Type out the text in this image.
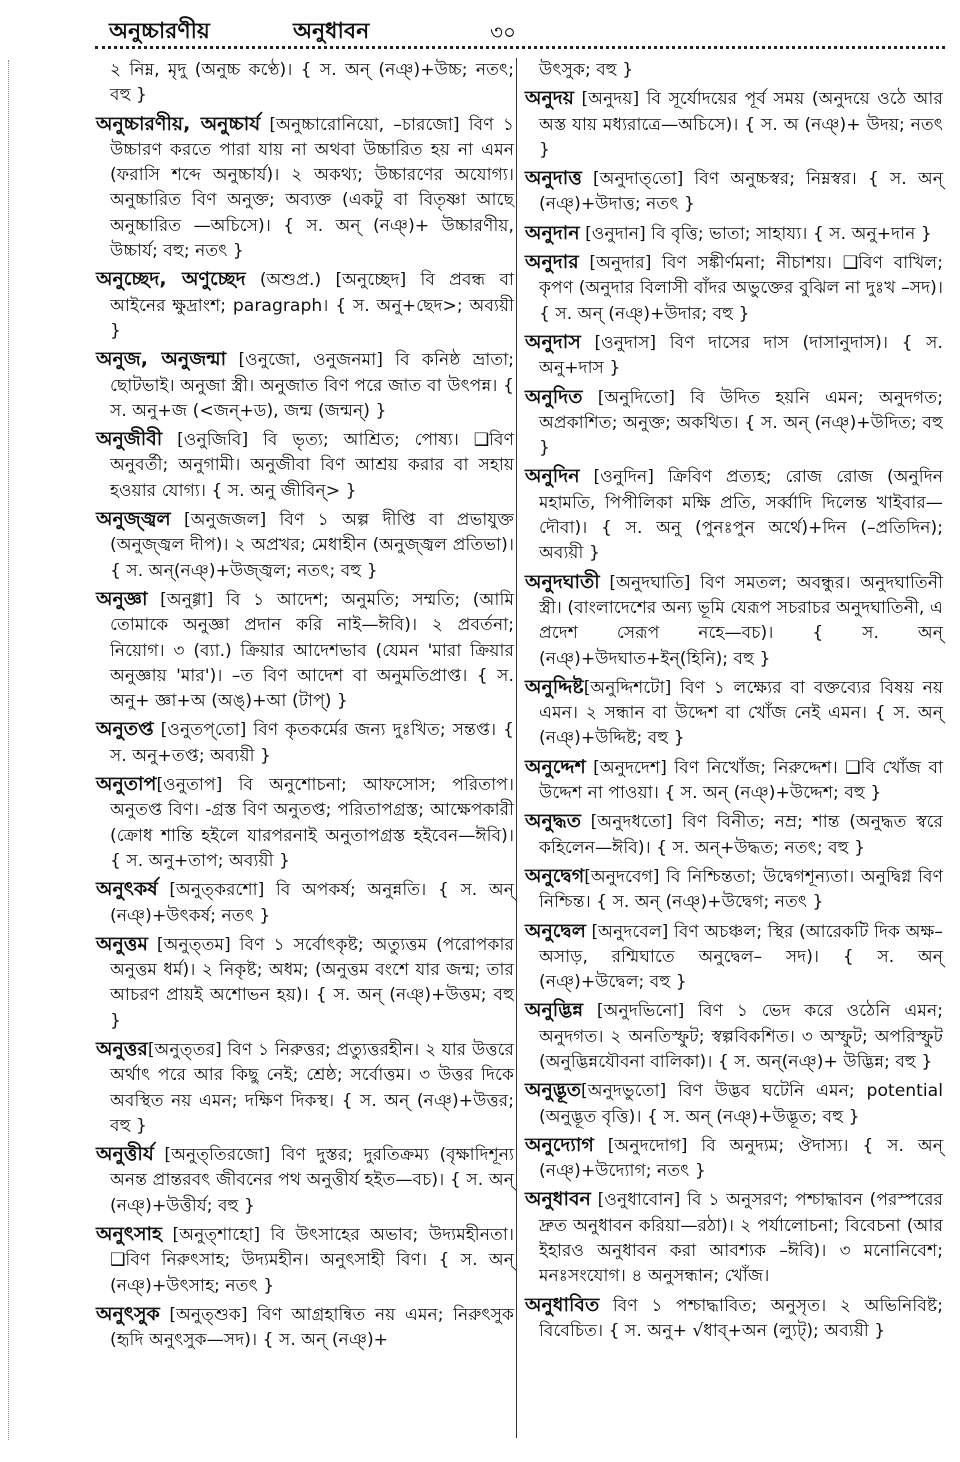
অনুচ্চারণীয়	অনুধাবন	৩০
২ নিম্ন, মৃদু (অনুচ্চ কণ্ঠে)। { স. অন্ (নঞ্)+উচ্চ; নতৎ; বহু }
অনুচ্চারণীয়, অনুচ্চার্য [অনুচ্চারোনিয়ো, –চারজো] বিণ ১ উচ্চারণ করতে পারা যায় না অথবা উচ্চারিত হয় না এমন (ফরাসি শব্দে অনুচ্চার্য)। ২ অকথ্য; উচ্চারণের অযোগ্য। অনুচ্চারিত বিণ অনুক্ত; অব্যক্ত (একটু বা বিতৃষ্ণা আছে অনুচ্চারিত —অচিসে)। { স. অন্ (নঞ্)+ উচ্চারণীয়, উচ্চার্য; বহু; নতৎ }
অনুচ্ছেদ, অণুচ্ছেদ (অশুপ্র.) [অনুচ্ছেদ] বি প্রবন্ধ বা আইনের ক্ষুদ্রাংশ; paragraph। { স. অনু+ছেদ>; অব্যয়ী }
অনুজ, অনুজন্মা [ওনুজো, ওনুজনমা] বি কনিষ্ঠ ভ্রাতা; ছোটভাই। অনুজা স্ত্রী। অনুজাত বিণ পরে জাত বা উৎপন্ন। { স. অনু+জ (<জন্+ড), জন্ম (জন্মন্) }
অনুজীবী [ওনুজিবি] বি ভৃত্য; আশ্রিত; পোষ্য। ❑বিণ অনুবর্তী; অনুগামী। অনুজীবা বিণ আশ্রয় করার বা সহায় হওয়ার যোগ্য। { স. অনু জীবিন্> }
অনুজ্জ্বল [অনুজজল] বিণ ১ অল্প দীপ্তি বা প্রভাযুক্ত (অনুজ্জ্বল দীপ)। ২ অপ্রখর; মেধাহীন (অনুজ্জ্বল প্রতিভা)। { স. অন্(নঞ্)+উজ্জ্বল; নতৎ; বহু }
অনুজ্ঞা [অনুগ্গা] বি ১ আদেশ; অনুমতি; সম্মতি; (আমি তোমাকে অনুজ্ঞা প্রদান করি নাই—ঈবি)। ২ প্রবর্তনা; নিয়োগ। ৩ (ব্যা.) ক্রিয়ার আদেশভাব (যেমন 'মারা ক্রিয়ার অনুজ্ঞায় 'মার')। –ত বিণ আদেশ বা অনুমতিপ্রাপ্ত। { স. অনু+ জ্ঞা+অ (অঙ্)+আ (টাপ্) }
অনুতপ্ত [ওনুতপ্‌তো] বিণ কৃতকর্মের জন্য দুঃখিত; সন্তপ্ত। { স. অনু+তপ্ত; অব্যয়ী }
অনুতাপ[ওনুতাপ] বি অনুশোচনা; আফসোস; পরিতাপ। অনুতপ্ত বিণ। -গ্রস্ত বিণ অনুতপ্ত; পরিতাপগ্রস্ত; আক্ষেপকারী (ক্রোধ শান্তি হইলে যারপরনাই অনুতাপগ্রস্ত হইবেন—ঈবি)। { স. অনু+তাপ; অব্যয়ী }
অনুৎকর্ষ [অনুত্‌করশো] বি অপকর্ষ; অনুন্নতি। { স. অন্ (নঞ্)+উৎকর্ষ; নতৎ }
অনুত্তম [অনুত্‌তম] বিণ ১ সর্বোৎকৃষ্ট; অত্যুত্তম (পরোপকার অনুত্তম ধর্ম)। ২ নিকৃষ্ট; অধম; (অনুত্তম বংশে যার জন্ম; তার আচরণ প্রায়ই অশোভন হয়)। { স. অন্ (নঞ্)+উত্তম; বহু }
অনুত্তর[অনুত্‌তর] বিণ ১ নিরুত্তর; প্রত্যুত্তরহীন। ২ যার উত্তরে অর্থাৎ পরে আর কিছু নেই; শ্রেষ্ঠ; সর্বোত্তম। ৩ উত্তর দিকে অবস্থিত নয় এমন; দক্ষিণ দিকস্থ। { স. অন্ (নঞ্)+উত্তর; বহু }
অনুত্তীর্য [অনুত্‌তিরজো] বিণ দুস্তর; দুরতিক্রম্য (বৃক্ষাদিশূন্য অনন্ত প্রান্তরবৎ জীবনের পথ অনুত্তীর্য হইত—বচ)। { স. অন্ (নঞ্)+উত্তীর্য; বহু }
অনুৎসাহ [অনুত্‌শাহো] বি উৎসাহের অভাব; উদ্যমহীনতা। ❑বিণ নিরুৎসাহ; উদ্যমহীন। অনুৎসাহী বিণ। { স. অন্ (নঞ্)+উৎসাহ; নতৎ }
অনুৎসুক [অনুত্‌শুক] বিণ আগ্রহান্বিত নয় এমন; নিরুৎসুক (হৃদি অনুৎসুক—সদ)। { স. অন্ (নঞ্)+
উৎসুক; বহু }
অনুদয় [অনুদয়] বি সূর্যোদয়ের পূর্ব সময় (অনুদয়ে ওঠে আর অস্ত যায় মধ্যরাত্রে—অচিসে)। { স. অ (নঞ্)+ উদয়; নতৎ }
অনুদাত্ত [অনুদাত্‌তো] বিণ অনুচ্চস্বর; নিম্নস্বর। { স. অন্ (নঞ্)+উদাত্ত; নতৎ }
অনুদান [ওনুদান] বি বৃত্তি; ভাতা; সাহায্য। { স. অনু+দান }
অনুদার [অনুদার] বিণ সঙ্কীর্ণমনা; নীচাশয়। ❑বিণ বাখিল; কৃপণ (অনুদার বিলাসী বাঁদর অভুক্তের বুঝিল না দুঃখ –সদ)। { স. অন্ (নঞ্)+উদার; বহু }
অনুদাস [ওনুদাস] বিণ দাসের দাস (দাসানুদাস)। { স. অনু+দাস }
অনুদিত [অনুদিতো] বি উদিত হয়নি এমন; অনুদগত; অপ্রকাশিত; অনুক্ত; অকথিত। { স. অন্ (নঞ্)+উদিত; বহু }
অনুদিন [ওনুদিন] ক্রিবিণ প্রত্যহ; রোজ রোজ (অনুদিন মহামতি, পিপীলিকা মক্ষি প্রতি, সর্ব্বাদি দিলেন্ত খাইবার—দৌবা)। { স. অনু (পুনঃপুন অর্থে)+দিন (–প্রতিদিন); অব্যয়ী }
অনুদঘাতী [অনুদঘাতি] বিণ সমতল; অবন্ধুর। অনুদঘাতিনী স্ত্রী। (বাংলাদেশের অন্য ভূমি যেরূপ সচরাচর অনুদঘাতিনী, এ প্রদেশ সেরূপ নহে—বচ)। { স. অন্ (নঞ্)+উদঘাত+ইন্(হিনি); বহু }
অনুদ্দিষ্ট[অনুদ্দিশটো] বিণ ১ লক্ষ্যের বা বক্তব্যের বিষয় নয় এমন। ২ সন্ধান বা উদ্দেশ বা খোঁজ নেই এমন। { স. অন্ (নঞ্)+উদ্দিষ্ট; বহু }
অনুদ্দেশ [অনুদদেশ] বিণ নিখোঁজ; নিরুদ্দেশ। ❑বি খোঁজ বা উদ্দেশ না পাওয়া। { স. অন্ (নঞ্)+উদ্দেশ; বহু }
অনুদ্ধত [অনুদধতো] বিণ বিনীত; নম্র; শান্ত (অনুদ্ধত স্বরে কহিলেন—ঈবি)। { স. অন্+উদ্ধত; নতৎ; বহু }
অনুদ্বেগ[অনুদবেগ] বি নিশ্চিন্ততা; উদ্বেগশূন্যতা। অনুদ্বিগ্ন বিণ নিশ্চিন্ত। { স. অন্ (নঞ্)+উদ্বেগ; নতৎ }
অনুদ্বেল [অনুদবেল] বিণ অচঞ্চল; স্থির (আরেকটি দিক অক্ষ–অসাড়, রশ্মিঘাতে অনুদ্বেল– সদ)। { স. অন্ (নঞ্)+উদ্বেল; বহু }
অনুদ্ভিন্ন [অনুদভিনো] বিণ ১ ভেদ করে ওঠেনি এমন; অনুদগত। ২ অনতিস্ফুট; স্বল্পবিকশিত। ৩ অস্ফুট; অপরিস্ফুট (অনুদ্ভিন্নযৌবনা বালিকা)। { স. অন্(নঞ্)+ উদ্ভিন্ন; বহু }
অনুদ্ভূত[অনুদভুতো] বিণ উদ্ভব ঘটেনি এমন; potential (অনুদ্ভূত বৃত্তি)। { স. অন্ (নঞ্)+উদ্ভূত; বহু }
অনুদ্যোগ [অনুদদোগ] বি অনুদ্যম; ঔদাস্য। { স. অন্ (নঞ্)+উদ্যোগ; নতৎ }
অনুধাবন [ওনুধাবোন] বি ১ অনুসরণ; পশ্চাদ্ধাবন (পরস্পরের দ্রুত অনুধাবন করিয়া—রঠা)। ২ পর্যালোচনা; বিবেচনা (আর ইহারও অনুধাবন করা আবশ্যক –ঈবি)। ৩ মনোনিবেশ; মনঃসংযোগ। ৪ অনুসন্ধান; খোঁজ।
অনুধাবিত বিণ ১ পশ্চাদ্ধাবিত; অনুসৃত। ২ অভিনিবিষ্ট; বিবেচিত। { স. অনু+ √ধাব্+অন (ল্যুট্); অব্যয়ী }
